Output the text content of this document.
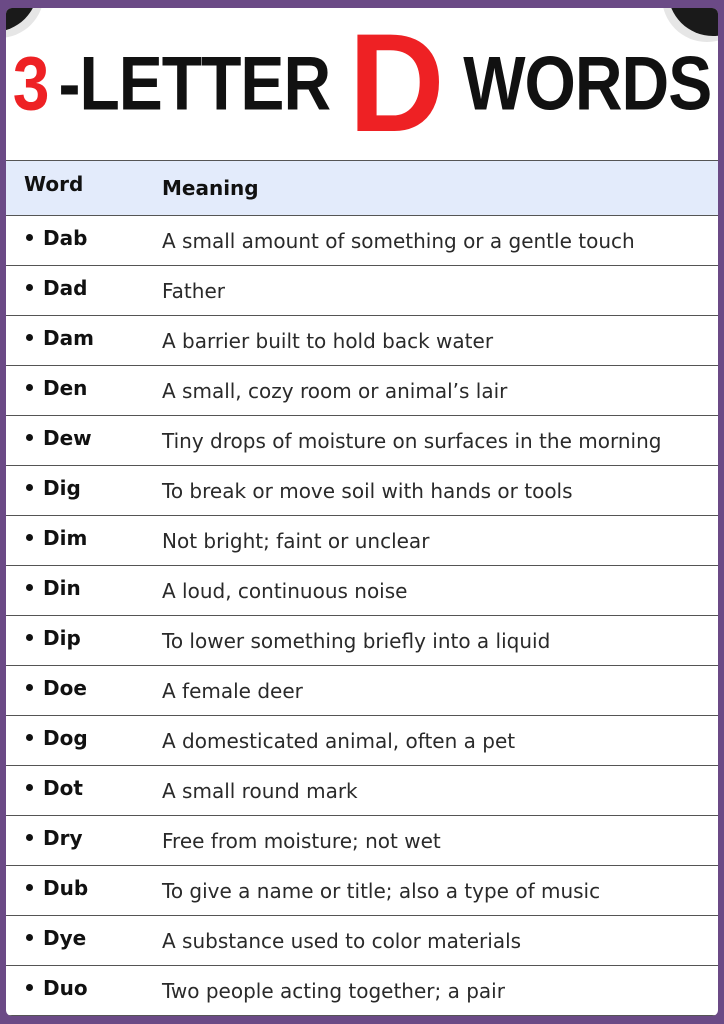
3 -LETTER D WORDS
Word	Meaning
Dab	A small amount of something or a gentle touch
Dad	Father
Dam	A barrier built to hold back water
Den	A small, cozy room or animal’s lair
Dew	Tiny drops of moisture on surfaces in the morning
Dig	To break or move soil with hands or tools
Dim	Not bright; faint or unclear
Din	A loud, continuous noise
Dip	To lower something briefly into a liquid
Doe	A female deer
Dog	A domesticated animal, often a pet
Dot	A small round mark
Dry	Free from moisture; not wet
Dub	To give a name or title; also a type of music
Dye	A substance used to color materials
Duo	Two people acting together; a pair
